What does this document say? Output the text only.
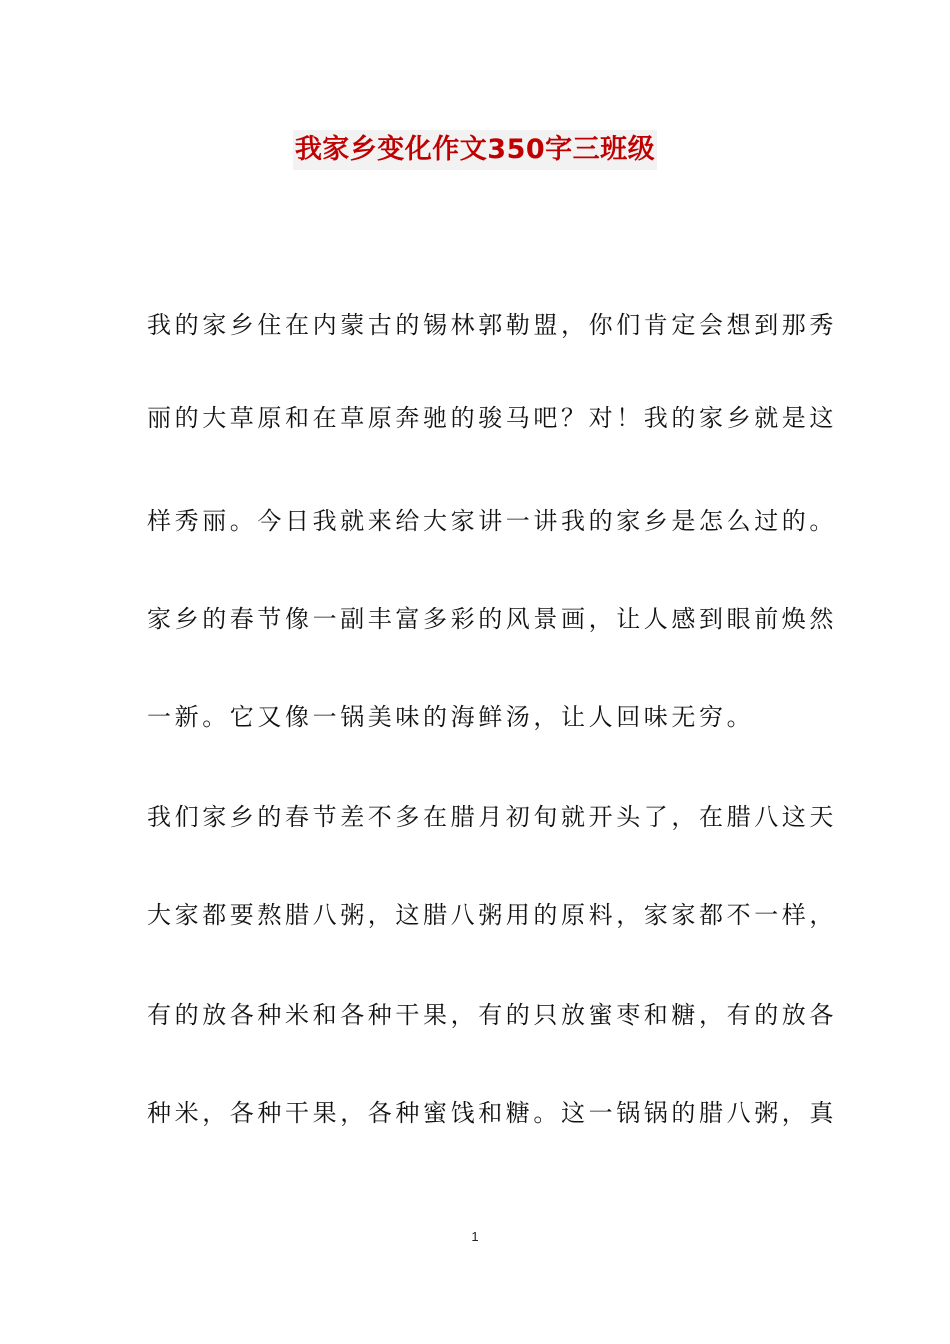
我家乡变化作文350字三班级
我的家乡住在内蒙古的锡林郭勒盟，你们肯定会想到那秀
丽的大草原和在草原奔驰的骏马吧？对！我的家乡就是这
样秀丽。今日我就来给大家讲一讲我的家乡是怎么过的。
家乡的春节像一副丰富多彩的风景画，让人感到眼前焕然
一新。它又像一锅美味的海鲜汤，让人回味无穷。
我们家乡的春节差不多在腊月初旬就开头了，在腊八这天
大家都要熬腊八粥，这腊八粥用的原料，家家都不一样，
有的放各种米和各种干果，有的只放蜜枣和糖，有的放各
种米，各种干果，各种蜜饯和糖。这一锅锅的腊八粥，真
1
